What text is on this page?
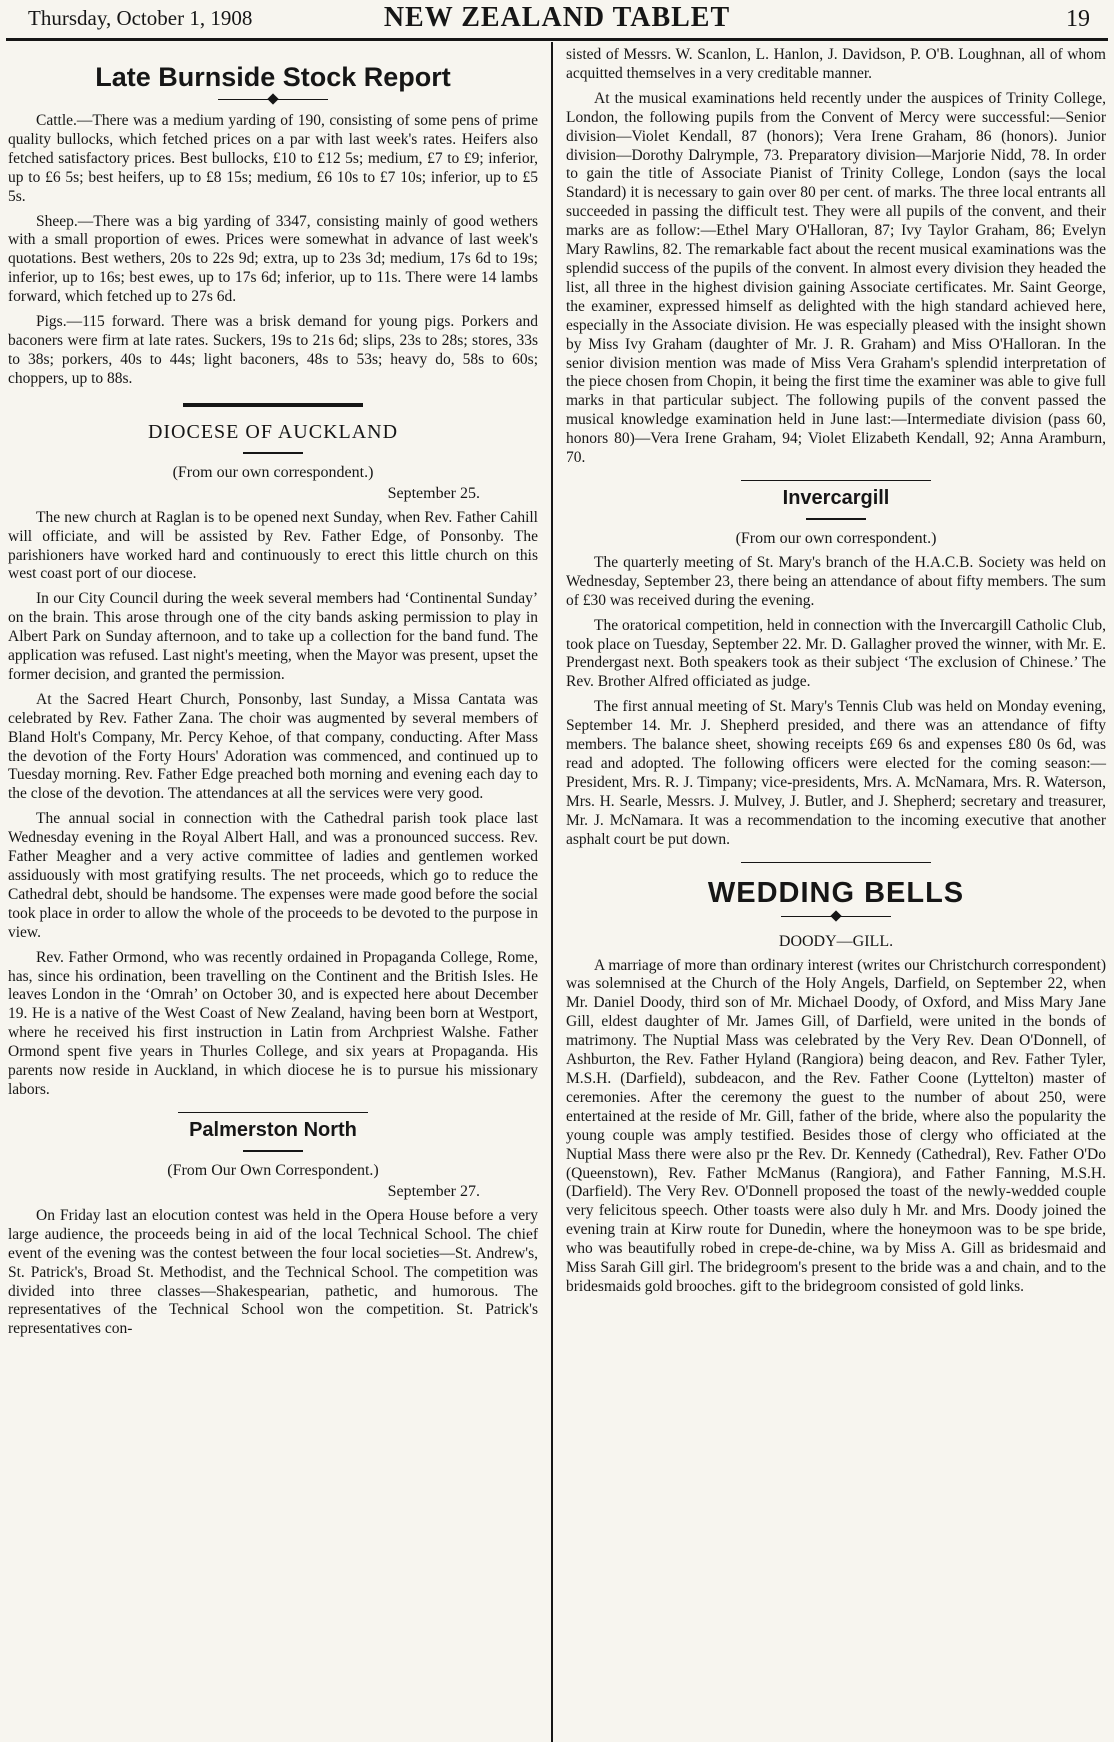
Thursday, October 1, 1908	NEW ZEALAND TABLET	19
Late Burnside Stock Report

Cattle.—There was a medium yarding of 190, consisting of some pens of prime quality bullocks, which fetched prices on a par with last week's rates. Heifers also fetched satisfactory prices. Best bullocks, £10 to £12 5s; medium, £7 to £9; inferior, up to £6 5s; best heifers, up to £8 15s; medium, £6 10s to £7 10s; inferior, up to £5 5s.

Sheep.—There was a big yarding of 3347, consisting mainly of good wethers with a small proportion of ewes. Prices were somewhat in advance of last week's quotations. Best wethers, 20s to 22s 9d; extra, up to 23s 3d; medium, 17s 6d to 19s; inferior, up to 16s; best ewes, up to 17s 6d; inferior, up to 11s. There were 14 lambs forward, which fetched up to 27s 6d.

Pigs.—115 forward. There was a brisk demand for young pigs. Porkers and baconers were firm at late rates. Suckers, 19s to 21s 6d; slips, 23s to 28s; stores, 33s to 38s; porkers, 40s to 44s; light baconers, 48s to 53s; heavy do, 58s to 60s; choppers, up to 88s.

DIOCESE OF AUCKLAND
(From our own correspondent.)
September 25.

The new church at Raglan is to be opened next Sunday, when Rev. Father Cahill will officiate, and will be assisted by Rev. Father Edge, of Ponsonby. The parishioners have worked hard and continuously to erect this little church on this west coast port of our diocese.

In our City Council during the week several members had ‘Continental Sunday’ on the brain. This arose through one of the city bands asking permission to play in Albert Park on Sunday afternoon, and to take up a collection for the band fund. The application was refused. Last night's meeting, when the Mayor was present, upset the former decision, and granted the permission.

At the Sacred Heart Church, Ponsonby, last Sunday, a Missa Cantata was celebrated by Rev. Father Zana. The choir was augmented by several members of Bland Holt's Company, Mr. Percy Kehoe, of that company, conducting. After Mass the devotion of the Forty Hours' Adoration was commenced, and continued up to Tuesday morning. Rev. Father Edge preached both morning and evening each day to the close of the devotion. The attendances at all the services were very good.

The annual social in connection with the Cathedral parish took place last Wednesday evening in the Royal Albert Hall, and was a pronounced success. Rev. Father Meagher and a very active committee of ladies and gentlemen worked assiduously with most gratifying results. The net proceeds, which go to reduce the Cathedral debt, should be handsome. The expenses were made good before the social took place in order to allow the whole of the proceeds to be devoted to the purpose in view.

Rev. Father Ormond, who was recently ordained in Propaganda College, Rome, has, since his ordination, been travelling on the Continent and the British Isles. He leaves London in the ‘Omrah’ on October 30, and is expected here about December 19. He is a native of the West Coast of New Zealand, having been born at Westport, where he received his first instruction in Latin from Archpriest Walshe. Father Ormond spent five years in Thurles College, and six years at Propaganda. His parents now reside in Auckland, in which diocese he is to pursue his missionary labors.

Palmerston North
(From Our Own Correspondent.)
September 27.

On Friday last an elocution contest was held in the Opera House before a very large audience, the proceeds being in aid of the local Technical School. The chief event of the evening was the contest between the four local societies—St. Andrew's, St. Patrick's, Broad St. Methodist, and the Technical School. The competition was divided into three classes—Shakespearian, pathetic, and humorous. The representatives of the Technical School won the competition. St. Patrick's representatives con-

sisted of Messrs. W. Scanlon, L. Hanlon, J. Davidson, P. O'B. Loughnan, all of whom acquitted themselves in a very creditable manner.

At the musical examinations held recently under the auspices of Trinity College, London, the following pupils from the Convent of Mercy were successful:—Senior division—Violet Kendall, 87 (honors); Vera Irene Graham, 86 (honors). Junior division—Dorothy Dalrymple, 73. Preparatory division—Marjorie Nidd, 78. In order to gain the title of Associate Pianist of Trinity College, London (says the local Standard) it is necessary to gain over 80 per cent. of marks. The three local entrants all succeeded in passing the difficult test. They were all pupils of the convent, and their marks are as follow:—Ethel Mary O'Halloran, 87; Ivy Taylor Graham, 86; Evelyn Mary Rawlins, 82. The remarkable fact about the recent musical examinations was the splendid success of the pupils of the convent. In almost every division they headed the list, all three in the highest division gaining Associate certificates. Mr. Saint George, the examiner, expressed himself as delighted with the high standard achieved here, especially in the Associate division. He was especially pleased with the insight shown by Miss Ivy Graham (daughter of Mr. J. R. Graham) and Miss O'Halloran. In the senior division mention was made of Miss Vera Graham's splendid interpretation of the piece chosen from Chopin, it being the first time the examiner was able to give full marks in that particular subject. The following pupils of the convent passed the musical knowledge examination held in June last:—Intermediate division (pass 60, honors 80)—Vera Irene Graham, 94; Violet Elizabeth Kendall, 92; Anna Aramburn, 70.

Invercargill
(From our own correspondent.)

The quarterly meeting of St. Mary's branch of the H.A.C.B. Society was held on Wednesday, September 23, there being an attendance of about fifty members. The sum of £30 was received during the evening.

The oratorical competition, held in connection with the Invercargill Catholic Club, took place on Tuesday, September 22. Mr. D. Gallagher proved the winner, with Mr. E. Prendergast next. Both speakers took as their subject ‘The exclusion of Chinese.’ The Rev. Brother Alfred officiated as judge.

The first annual meeting of St. Mary's Tennis Club was held on Monday evening, September 14. Mr. J. Shepherd presided, and there was an attendance of fifty members. The balance sheet, showing receipts £69 6s and expenses £80 0s 6d, was read and adopted. The following officers were elected for the coming season:—President, Mrs. R. J. Timpany; vice-presidents, Mrs. A. McNamara, Mrs. R. Waterson, Mrs. H. Searle, Messrs. J. Mulvey, J. Butler, and J. Shepherd; secretary and treasurer, Mr. J. McNamara. It was a recommendation to the incoming executive that another asphalt court be put down.

WEDDING BELLS
DOODY—GILL.

A marriage of more than ordinary interest (writes our Christchurch correspondent) was solemnised at the Church of the Holy Angels, Darfield, on September 22, when Mr. Daniel Doody, third son of Mr. Michael Doody, of Oxford, and Miss Mary Jane Gill, eldest daughter of Mr. James Gill, of Darfield, were united in the bonds of matrimony. The Nuptial Mass was celebrated by the Very Rev. Dean O'Donnell, of Ashburton, the Rev. Father Hyland (Rangiora) being deacon, and Rev. Father Tyler, M.S.H. (Darfield), subdeacon, and the Rev. Father Coone (Lyttelton) master of ceremonies. After the ceremony the guest to the number of about 250, were entertained at the reside of Mr. Gill, father of the bride, where also the popularity the young couple was amply testified. Besides those of clergy who officiated at the Nuptial Mass there were also pr the Rev. Dr. Kennedy (Cathedral), Rev. Father O'Do (Queenstown), Rev. Father McManus (Rangiora), and Father Fanning, M.S.H. (Darfield). The Very Rev. O'Donnell proposed the toast of the newly-wedded couple very felicitous speech. Other toasts were also duly h Mr. and Mrs. Doody joined the evening train at Kirw route for Dunedin, where the honeymoon was to be spe bride, who was beautifully robed in crepe-de-chine, wa by Miss A. Gill as bridesmaid and Miss Sarah Gill girl. The bridegroom's present to the bride was a and chain, and to the bridesmaids gold brooches. gift to the bridegroom consisted of gold links.
